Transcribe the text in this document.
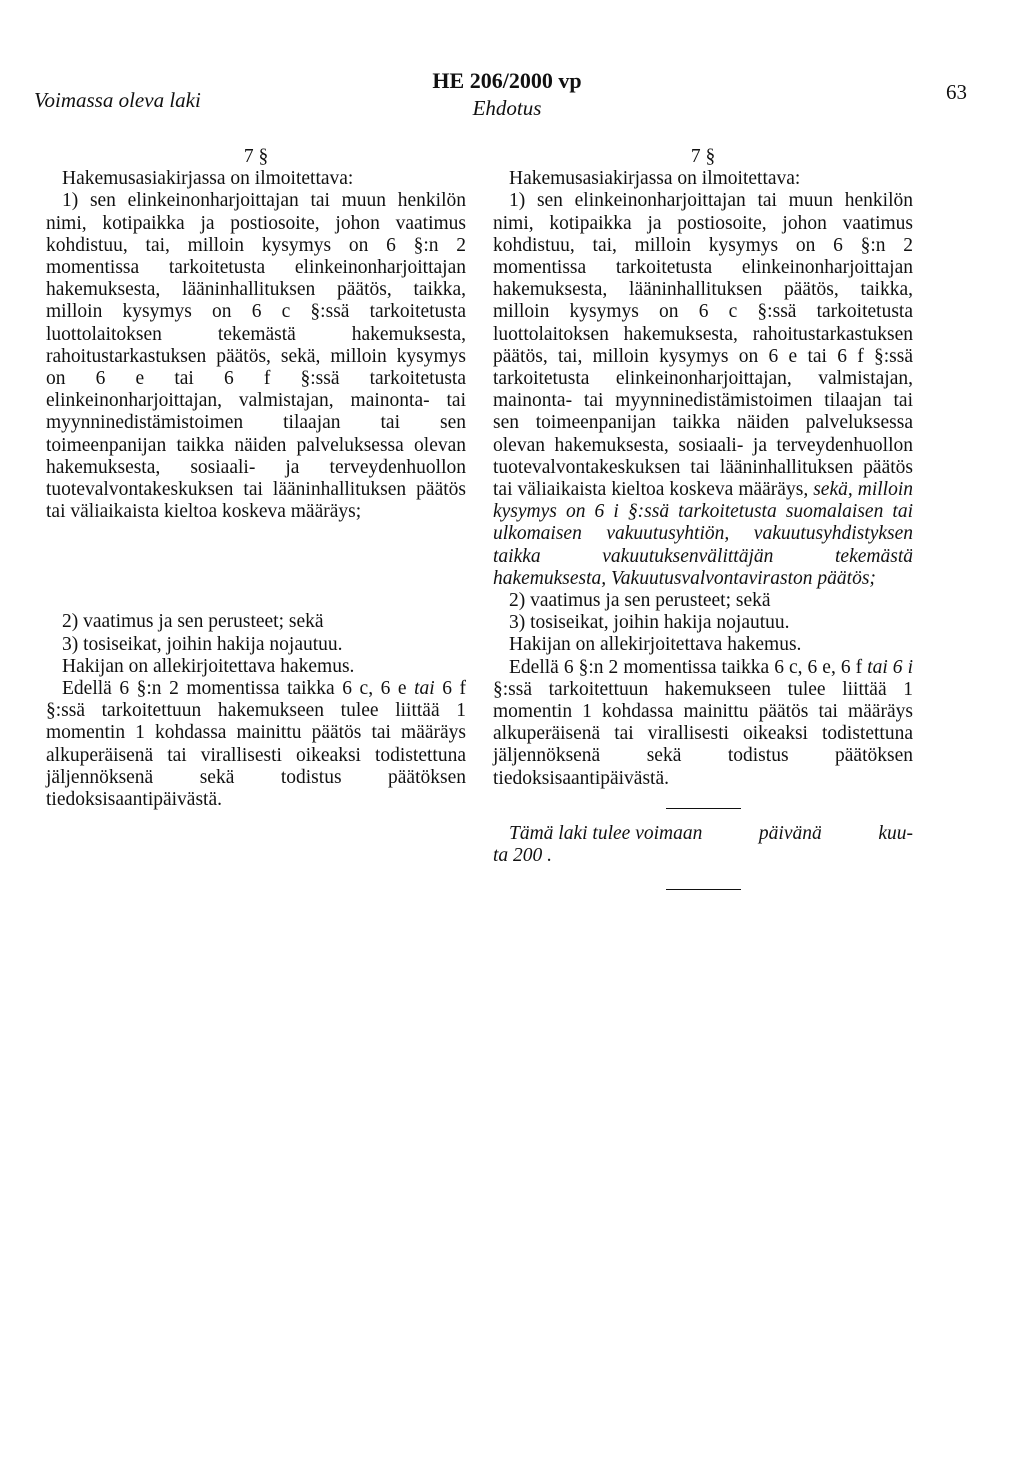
Voimassa oleva laki
HE 206/2000 vp
Ehdotus
63
7 §

Hakemusasiakirjassa on ilmoitettava:

1) sen elinkeinonharjoittajan tai muun henkilön nimi, kotipaikka ja postiosoite, johon vaatimus kohdistuu, tai, milloin kysymys on 6 §:n 2 momentissa tarkoitetusta elinkeinonharjoittajan hakemuksesta, lääninhallituksen päätös, taikka, milloin kysymys on 6 c §:ssä tarkoitetusta luottolaitoksen tekemästä hakemuksesta, rahoitustarkastuksen päätös, sekä, milloin kysymys on 6 e tai 6 f §:ssä tarkoitetusta elinkeinonharjoittajan, valmistajan, mainonta- tai myynninedistämistoimen tilaajan tai sen toimeenpanijan taikka näiden palveluksessa olevan hakemuksesta, sosiaali- ja terveydenhuollon tuotevalvontakeskuksen tai lääninhallituksen päätös tai väliaikaista kieltoa koskeva määräys;

2) vaatimus ja sen perusteet; sekä

3) tosiseikat, joihin hakija nojautuu.

Hakijan on allekirjoitettava hakemus.

Edellä 6 §:n 2 momentissa taikka 6 c, 6 e tai 6 f §:ssä tarkoitettuun hakemukseen tulee liittää 1 momentin 1 kohdassa mainittu päätös tai määräys alkuperäisenä tai virallisesti oikeaksi todistettuna jäljennöksenä sekä todistus päätöksen tiedoksisaantipäivästä.

7 §

Hakemusasiakirjassa on ilmoitettava:

1) sen elinkeinonharjoittajan tai muun henkilön nimi, kotipaikka ja postiosoite, johon vaatimus kohdistuu, tai, milloin kysymys on 6 §:n 2 momentissa tarkoitetusta elinkeinonharjoittajan hakemuksesta, lääninhallituksen päätös, taikka, milloin kysymys on 6 c §:ssä tarkoitetusta luottolaitoksen hakemuksesta, rahoitustarkastuksen päätös, tai, milloin kysymys on 6 e tai 6 f §:ssä tarkoitetusta elinkeinonharjoittajan, valmistajan, mainonta- tai myynninedistämistoimen tilaajan tai sen toimeenpanijan taikka näiden palveluksessa olevan hakemuksesta, sosiaali- ja terveydenhuollon tuotevalvontakeskuksen tai lääninhallituksen päätös tai väliaikaista kieltoa koskeva määräys, sekä, milloin kysymys on 6 i §:ssä tarkoitetusta suomalaisen tai ulkomaisen vakuutusyhtiön, vakuutusyhdistyksen taikka vakuutuksenvälittäjän tekemästä hakemuksesta, Vakuutusvalvontaviraston päätös;

2) vaatimus ja sen perusteet; sekä

3) tosiseikat, joihin hakija nojautuu.

Hakijan on allekirjoitettava hakemus.

Edellä 6 §:n 2 momentissa taikka 6 c, 6 e, 6 f tai 6 i §:ssä tarkoitettuun hakemukseen tulee liittää 1 momentin 1 kohdassa mainittu päätös tai määräys alkuperäisenä tai virallisesti oikeaksi todistettuna jäljennöksenä sekä todistus päätöksen tiedoksisaantipäivästä.

Tämä laki tulee voimaan	päivänä	kuu-

ta 200 .
